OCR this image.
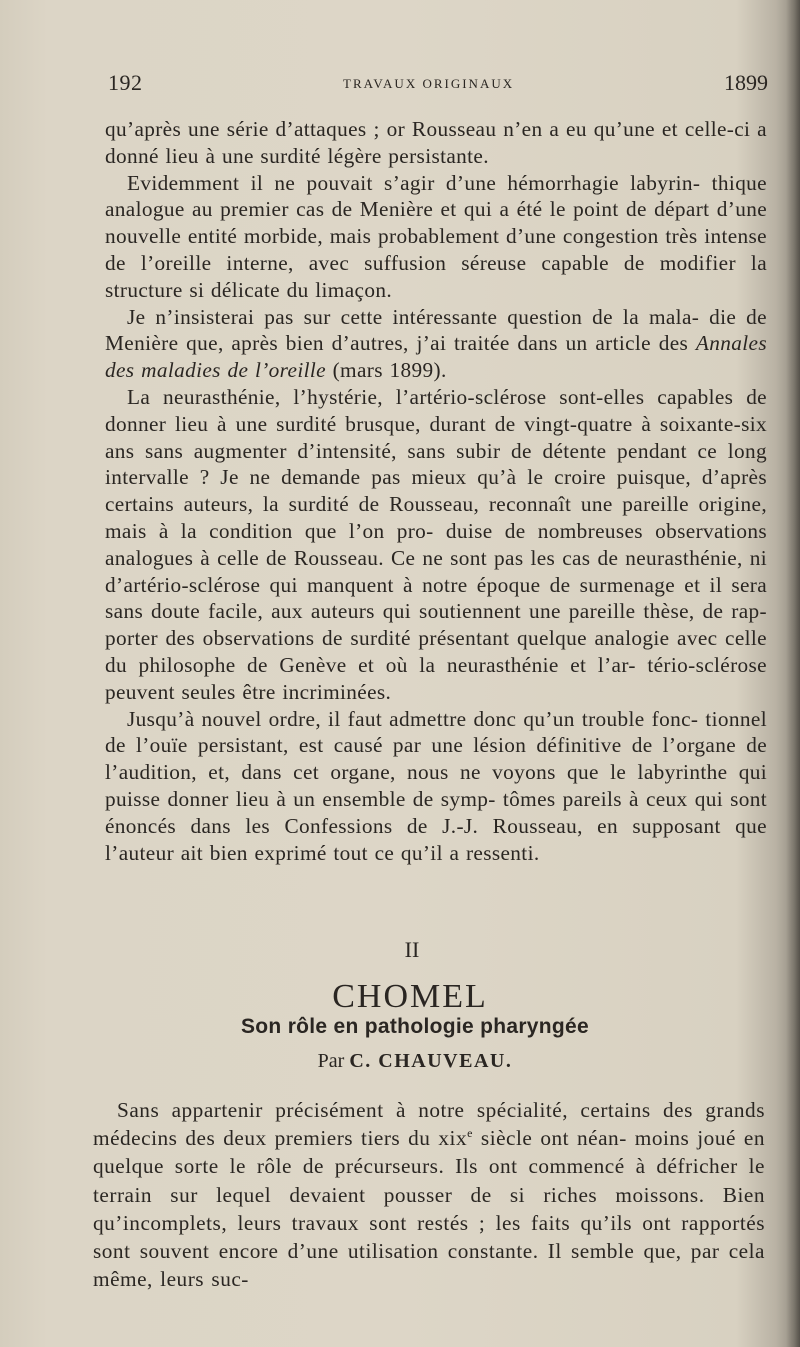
192	TRAVAUX ORIGINAUX	1899

qu’après une série d’attaques ; or Rousseau n’en a eu qu’une et celle-ci a donné lieu à une surdité légère persistante.

Evidemment il ne pouvait s’agir d’une hémorrhagie labyrin- thique analogue au premier cas de Menière et qui a été le point de départ d’une nouvelle entité morbide, mais probablement d’une congestion très intense de l’oreille interne, avec suffusion séreuse capable de modifier la structure si délicate du limaçon.

Je n’insisterai pas sur cette intéressante question de la mala- die de Menière que, après bien d’autres, j’ai traitée dans un article des Annales des maladies de l’oreille (mars 1899).

La neurasthénie, l’hystérie, l’artério-sclérose sont-elles capables de donner lieu à une surdité brusque, durant de vingt-quatre à soixante-six ans sans augmenter d’intensité, sans subir de détente pendant ce long intervalle ? Je ne demande pas mieux qu’à le croire puisque, d’après certains auteurs, la surdité de Rousseau, reconnaît une pareille origine, mais à la condition que l’on pro- duise de nombreuses observations analogues à celle de Rousseau. Ce ne sont pas les cas de neurasthénie, ni d’artério-sclérose qui manquent à notre époque de surmenage et il sera sans doute facile, aux auteurs qui soutiennent une pareille thèse, de rap- porter des observations de surdité présentant quelque analogie avec celle du philosophe de Genève et où la neurasthénie et l’ar- tério-sclérose peuvent seules être incriminées.

Jusqu’à nouvel ordre, il faut admettre donc qu’un trouble fonc- tionnel de l’ouïe persistant, est causé par une lésion définitive de l’organe de l’audition, et, dans cet organe, nous ne voyons que le labyrinthe qui puisse donner lieu à un ensemble de symp- tômes pareils à ceux qui sont énoncés dans les Confessions de J.-J. Rousseau, en supposant que l’auteur ait bien exprimé tout ce qu’il a ressenti.

II
CHOMEL
Son rôle en pathologie pharyngée
Par C. CHAUVEAU.

Sans appartenir précisément à notre spécialité, certains des grands médecins des deux premiers tiers du xix$^e$ siècle ont néan- moins joué en quelque sorte le rôle de précurseurs. Ils ont commencé à défricher le terrain sur lequel devaient pousser de si riches moissons. Bien qu’incomplets, leurs travaux sont restés ; les faits qu’ils ont rapportés sont souvent encore d’une utilisation constante. Il semble que, par cela même, leurs suc-
